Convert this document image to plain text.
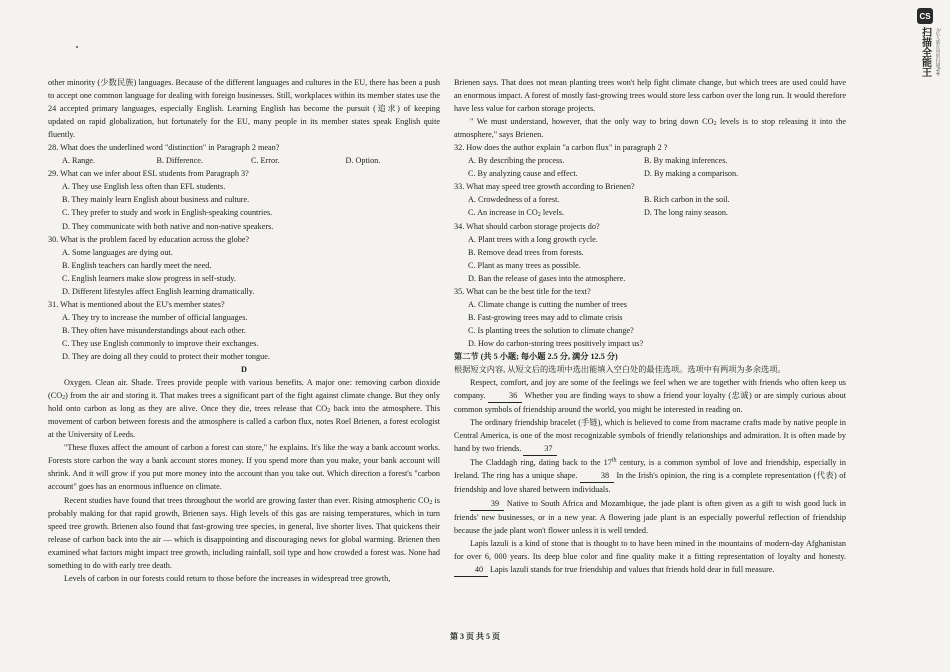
CS
扫描全能王	3亿人都在用的扫描App

other minority (少数民族) languages. Because of the different languages and cultures in the EU, there has been a push to accept one common language for dealing with foreign businesses. Still, workplaces within its member states use the 24 accepted primary languages, especially English. Learning English has become the pursuit (追求) of keeping updated on rapid globalization, but fortunately for the EU, many people in its member states speak English quite fluently.

28. What does the underlined word "distinction" in Paragraph 2 mean?

A. Range.	B. Difference.	C. Error.	D. Option.

29. What can we infer about ESL students from Paragraph 3?

A. They use English less often than EFL students.

B. They mainly learn English about business and culture.

C. They prefer to study and work in English-speaking countries.

D. They communicate with both native and non-native speakers.

30. What is the problem faced by education across the globe?

A. Some languages are dying out.

B. English teachers can hardly meet the need.

C. English learners make slow progress in self-study.

D. Different lifestyles affect English learning dramatically.

31. What is mentioned about the EU's member states?

A. They try to increase the number of official languages.

B. They often have misunderstandings about each other.

C. They use English commonly to improve their exchanges.

D. They are doing all they could to protect their mother tongue.

D

Oxygen. Clean air. Shade. Trees provide people with various benefits. A major one: removing carbon dioxide $(CO_2)$ from the air and storing it. That makes trees a significant part of the fight against climate change. But they only hold onto carbon as long as they are alive. Once they die, trees release that $CO_2$ back into the atmosphere. This movement of carbon between forests and the atmosphere is called a carbon flux, notes Roel Brienen, a forest ecologist at the University of Leeds.

"These fluxes affect the amount of carbon a forest can store," he explains. It's like the way a bank account works. Forests store carbon the way a bank account stores money. If you spend more than you make, your bank account will shrink. And it will grow if you put more money into the account than you take out. Which direction a forest's "carbon account" goes has an enormous influence on climate.

Recent studies have found that trees throughout the world are growing faster than ever. Rising atmospheric $CO_2$ is probably making for that rapid growth, Brienen says. High levels of this gas are raising temperatures, which in turn speed tree growth. Brienen also found that fast-growing tree species, in general, live shorter lives. That quickens their release of carbon back into the air — which is disappointing and discouraging news for global warming. Brienen then examined what factors might impact tree growth, including rainfall, soil type and how crowded a forest was. None had something to do with early tree death.

Levels of carbon in our forests could return to those before the increases in widespread tree growth,

Brienen says. That does not mean planting trees won't help fight climate change, but which trees are used could have an enormous impact. A forest of mostly fast-growing trees would store less carbon over the long run. It would therefore have less value for carbon storage projects.

" We must understand, however, that the only way to bring down $CO_2$ levels is to stop releasing it into the atmosphere," says Brienen.

32. How does the author explain "a carbon flux" in paragraph 2 ?

A. By describing the process.	B. By making inferences.
C. By analyzing cause and effect.	D. By making a comparison.

33. What may speed tree growth according to Brienen?

A. Crowdedness of a forest.	B. Rich carbon in the soil.
C. An increase in $CO_2$ levels.	D. The long rainy season.

34. What should carbon storage projects do?

A. Plant trees with a long growth cycle.

B. Remove dead trees from forests.

C. Plant as many trees as possible.

D. Ban the release of gases into the atmosphere.

35. What can be the best title for the text?

A. Climate change is cutting the number of trees

B. Fast-growing trees may add to climate crisis

C. Is planting trees the solution to climate change?

D. How do carbon-storing trees positively impact us?

第二节 (共 5 小题; 每小题 2.5 分, 满分 12.5 分)

根据短文内容, 从短文后的选项中选出能填入空白处的最佳选项。选项中有两项为多余选项。

Respect, comfort, and joy are some of the feelings we feel when we are together with friends who often keep us company.	36 Whether you are finding ways to show a friend your loyalty (忠诚) or are simply curious about common symbols of friendship around the world, you might be interested in reading on.

The ordinary friendship bracelet (手链), which is believed to come from macrame crafts made by native people in Central America, is one of the most recognizable symbols of friendly relationships and admiration. It is often made by hand by two friends.	37

The Claddagh ring, dating back to the 17th century, is a common symbol of love and friendship, especially in Ireland. The ring has a unique shape.	38 In the Irish's opinion, the ring is a complete representation (代表) of friendship and love shared between individuals.

39 Native to South Africa and Mozambique, the jade plant is often given as a gift to wish good luck in friends' new businesses, or in a new year. A flowering jade plant is an especially powerful reflection of friendship because the jade plant won't flower unless it is well tended.

Lapis lazuli is a kind of stone that is thought to to have been mined in the mountains of modern-day Afghanistan for over 6, 000 years. Its deep blue color and fine quality make it a fitting representation of loyalty and honesty. 40 Lapis lazuli stands for true friendship and values that friends hold dear in full measure.

第 3 页 共 5 页
